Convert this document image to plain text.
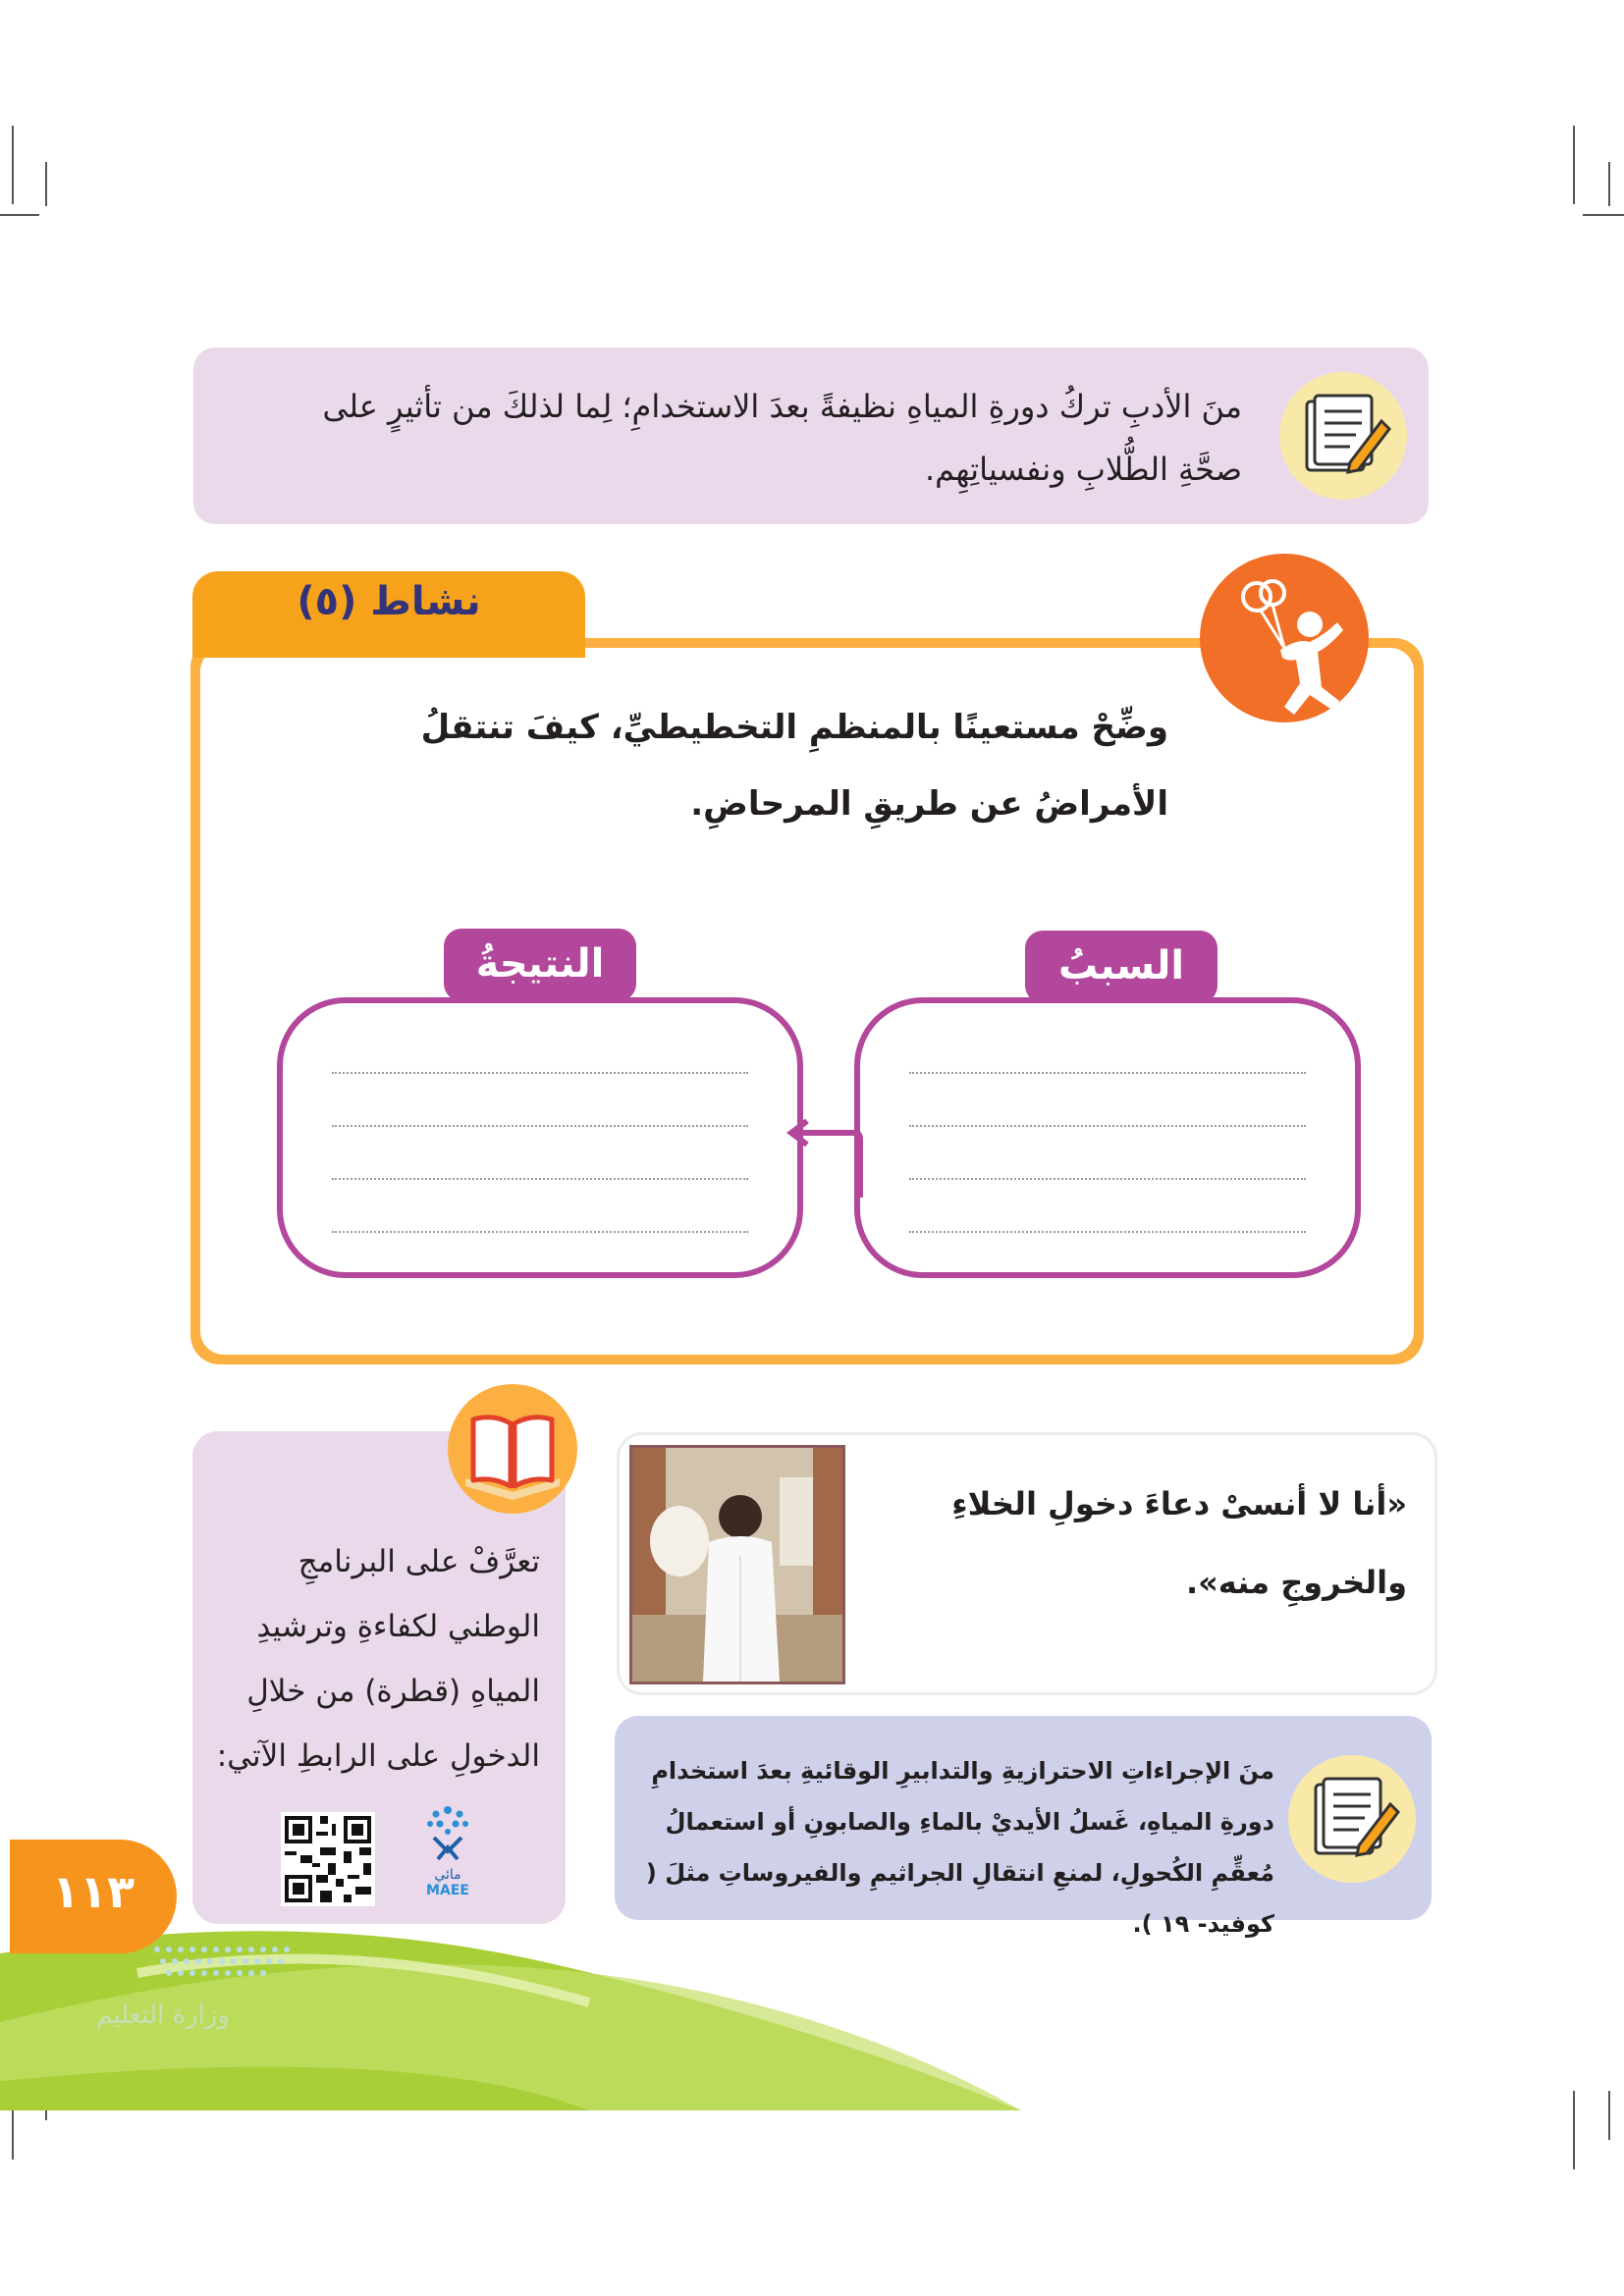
منَ الأدبِ تركُ دورةِ المياهِ نظيفةً بعدَ الاستخدامِ؛ لِما لذلكَ من تأثيرٍ على صحَّةِ الطُّلابِ ونفسياتِهِم.
وضِّحْ مستعينًا بالمنظمِ التخطيطيِّ، كيفَ تنتقلُ الأمراضُ عن طريقِ المرحاضِ.
السببُ
النتيجةُ
نشاط (٥)
«أنا لا أنسىْ دعاءَ دخولِ الخلاءِ والخروجِ منه».
منَ الإجراءاتِ الاحترازيةِ والتدابيرِ الوقائيةِ بعدَ استخدامِ دورةِ المياهِ، غَسلُ الأيديْ بالماءِ والصابونِ أو استعمالُ مُعقِّمِ الكُحولِ، لمنعِ انتقالِ الجراثيمِ والفيروساتِ مثلَ ( كوفيد- ١٩ ).
تعرَّفْ على البرنامجِ الوطني لكفاءةِ وترشيدِ المياهِ (قطرة) من خلالِ الدخولِ على الرابطِ الآتي:
مائي
MAEE
وزارة التعليم
١١٣
